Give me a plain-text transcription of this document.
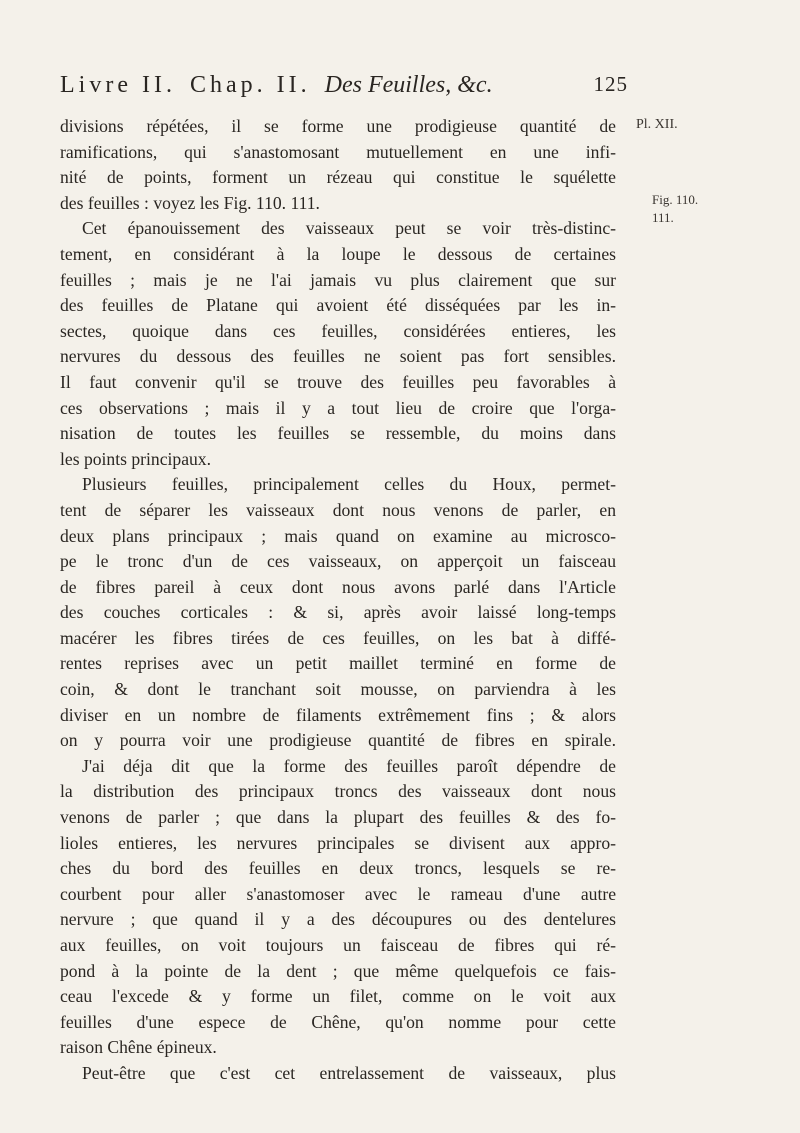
Livre II. Chap. II. Des Feuilles, &c.	125
Pl. XII.
Fig. 110.
111.
divisions répétées, il se forme une prodigieuse quantité de
ramifications, qui s'anastomosant mutuellement en une infi-
nité de points, forment un rézeau qui constitue le squélette
des feuilles : voyez les Fig. 110. 111.
Cet épanouissement des vaisseaux peut se voir très-distinc-
tement, en considérant à la loupe le dessous de certaines
feuilles ; mais je ne l'ai jamais vu plus clairement que sur
des feuilles de Platane qui avoient été disséquées par les in-
sectes, quoique dans ces feuilles, considérées entieres, les
nervures du dessous des feuilles ne soient pas fort sensibles.
Il faut convenir qu'il se trouve des feuilles peu favorables à
ces observations ; mais il y a tout lieu de croire que l'orga-
nisation de toutes les feuilles se ressemble, du moins dans
les points principaux.
Plusieurs feuilles, principalement celles du Houx, permet-
tent de séparer les vaisseaux dont nous venons de parler, en
deux plans principaux ; mais quand on examine au microsco-
pe le tronc d'un de ces vaisseaux, on apperçoit un faisceau
de fibres pareil à ceux dont nous avons parlé dans l'Article
des couches corticales : & si, après avoir laissé long-temps
macérer les fibres tirées de ces feuilles, on les bat à diffé-
rentes reprises avec un petit maillet terminé en forme de
coin, & dont le tranchant soit mousse, on parviendra à les
diviser en un nombre de filaments extrêmement fins ; & alors
on y pourra voir une prodigieuse quantité de fibres en spirale.
J'ai déja dit que la forme des feuilles paroît dépendre de
la distribution des principaux troncs des vaisseaux dont nous
venons de parler ; que dans la plupart des feuilles & des fo-
lioles entieres, les nervures principales se divisent aux appro-
ches du bord des feuilles en deux troncs, lesquels se re-
courbent pour aller s'anastomoser avec le rameau d'une autre
nervure ; que quand il y a des découpures ou des dentelures
aux feuilles, on voit toujours un faisceau de fibres qui ré-
pond à la pointe de la dent ; que même quelquefois ce fais-
ceau l'excede & y forme un filet, comme on le voit aux
feuilles d'une espece de Chêne, qu'on nomme pour cette
raison Chêne épineux.
Peut-être que c'est cet entrelassement de vaisseaux, plus
